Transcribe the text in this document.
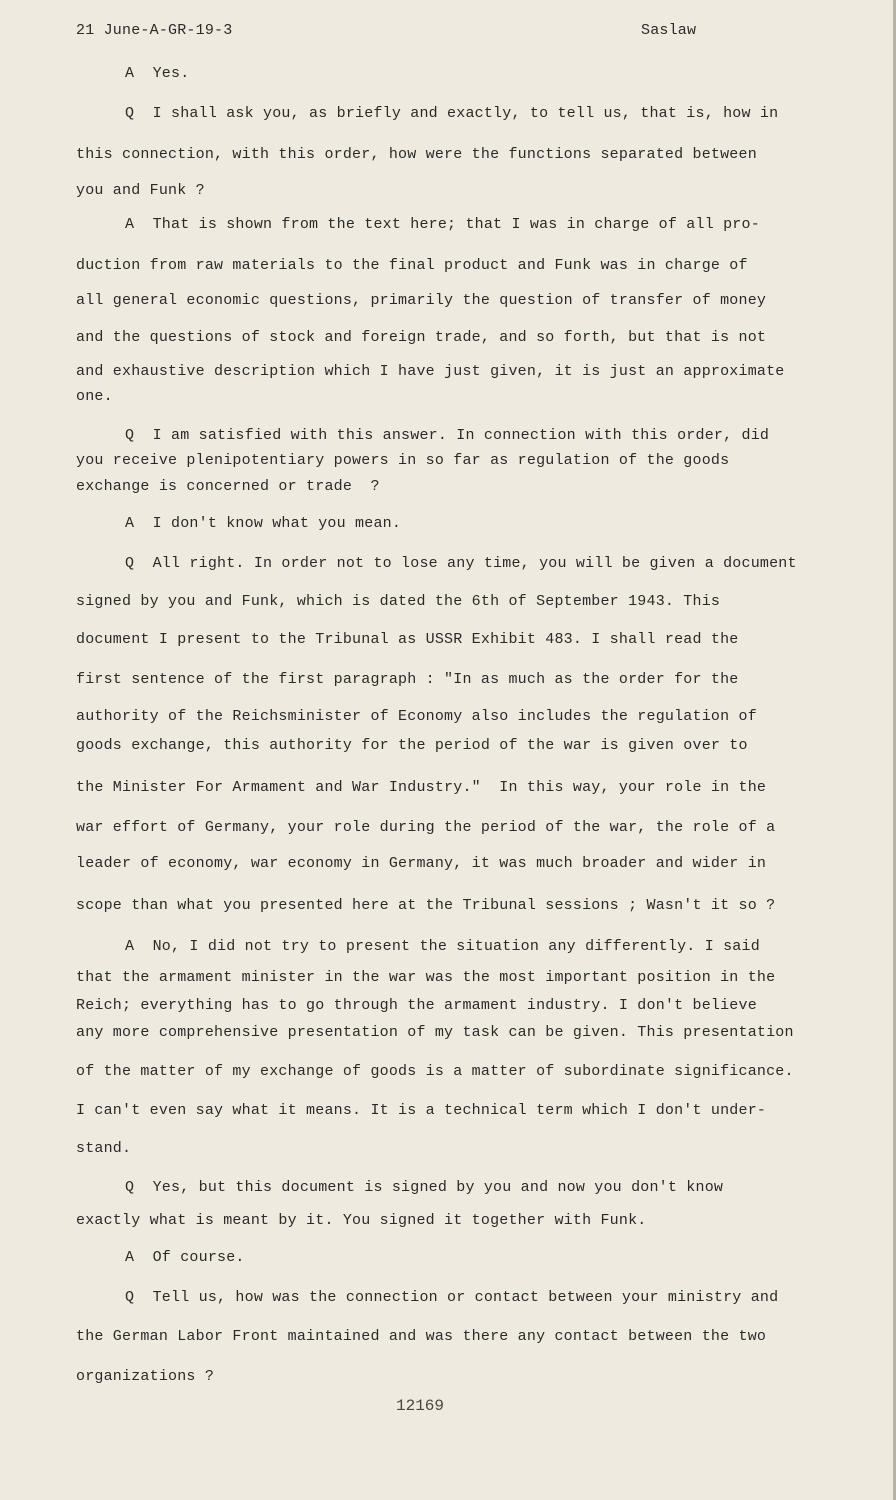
21 June-A-GR-19-3	Saslaw
A  Yes.
Q  I shall ask you, as briefly and exactly, to tell us, that is, how in
this connection, with this order, how were the functions separated between
you and Funk ?
A  That is shown from the text here; that I was in charge of all pro-
duction from raw materials to the final product and Funk was in charge of
all general economic questions, primarily the question of transfer of money
and the questions of stock and foreign trade, and so forth, but that is not
and exhaustive description which I have just given, it is just an approximate
one.
Q  I am satisfied with this answer. In connection with this order, did
you receive plenipotentiary powers in so far as regulation of the goods
exchange is concerned or trade  ?
A  I don't know what you mean.
Q  All right. In order not to lose any time, you will be given a document
signed by you and Funk, which is dated the 6th of September 1943. This
document I present to the Tribunal as USSR Exhibit 483. I shall read the
first sentence of the first paragraph : "In as much as the order for the
authority of the Reichsminister of Economy also includes the regulation of
goods exchange, this authority for the period of the war is given over to
the Minister For Armament and War Industry."  In this way, your role in the
war effort of Germany, your role during the period of the war, the role of a
leader of economy, war economy in Germany, it was much broader and wider in
scope than what you presented here at the Tribunal sessions ; Wasn't it so ?
A  No, I did not try to present the situation any differently. I said
that the armament minister in the war was the most important position in the
Reich; everything has to go through the armament industry. I don't believe
any more comprehensive presentation of my task can be given. This presentation
of the matter of my exchange of goods is a matter of subordinate significance.
I can't even say what it means. It is a technical term which I don't under-
stand.
Q  Yes, but this document is signed by you and now you don't know
exactly what is meant by it. You signed it together with Funk.
A  Of course.
Q  Tell us, how was the connection or contact between your ministry and
the German Labor Front maintained and was there any contact between the two
organizations ?
12169
